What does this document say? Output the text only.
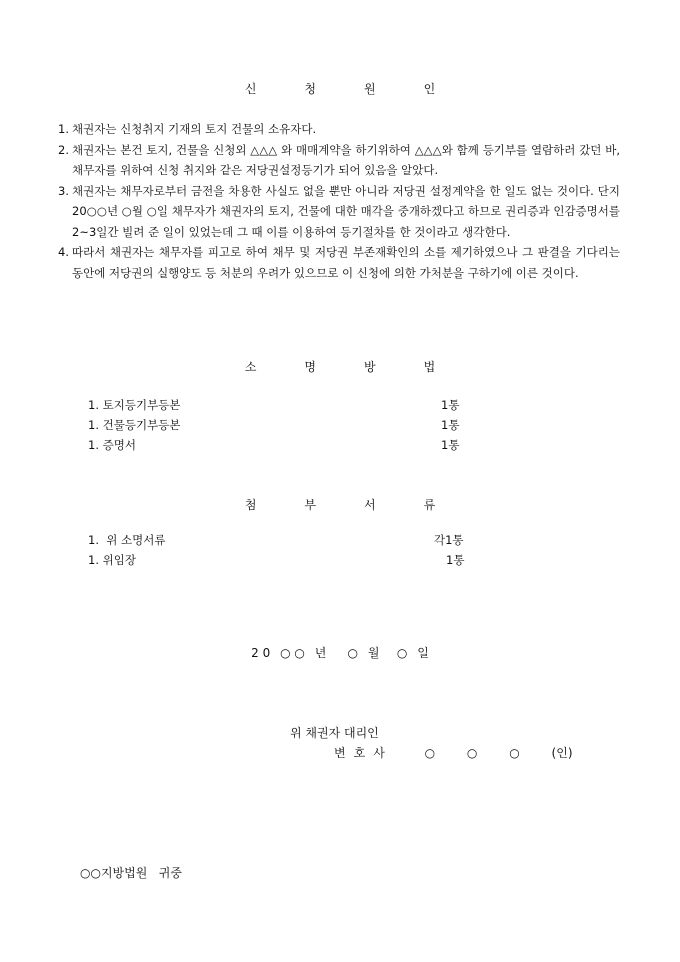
신	청	원	인
1. 채권자는 신청취지 기재의 토지 건물의 소유자다.
2. 채권자는 본건 토지, 건물을 신청외 △△△ 와 매매계약을 하기위하여 △△△와 함께 등기부를 열람하러 갔던 바, 채무자를 위하여 신청 취지와 같은 저당권설정등기가 되어 있음을 알았다.
3. 채권자는 채무자로부터 금전을 차용한 사실도 없을 뿐만 아니라 저당권 설정계약을 한 일도 없는 것이다. 단지 20○○년 ○월 ○일 채무자가 채권자의 토지, 건물에 대한 매각을 중개하겠다고 하므로 권리증과 인감증명서를 2~3일간 빌려 준 일이 있었는데 그 때 이를 이용하여 등기절차를 한 것이라고 생각한다.
4. 따라서 채권자는 채무자를 피고로 하여 채무 및 저당권 부존재확인의 소를 제기하였으나 그 판결을 기다리는 동안에 저당권의 실행양도 등 처분의 우려가 있으므로 이 신청에 의한 가처분을 구하기에 이른 것이다.
소	명	방	법
1. 토지등기부등본	1통
1. 건물등기부등본	1통
1. 증명서	1통
첨	부	서	류
1.  위 소명서류	각1통
1. 위임장	1통
2 0 ○ ○ 년 ○ 월 ○ 일
위 채권자 대리인
변 호 사	○	○	○	(인)
○○지방법원   귀중
